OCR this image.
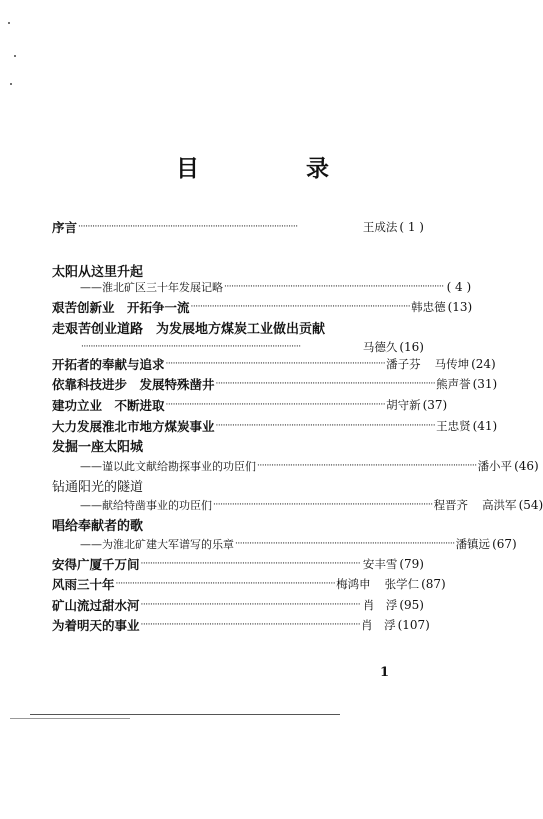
目　录
序言 ·····························································································	王成法 ( 1 )
太阳从这里升起
——淮北矿区三十年发展记略 ····························································································· ( 4 )
艰苦创新业　开拓争一流 ····························································································· 韩忠德 (13)
走艰苦创业道路　为发展地方煤炭工业做出贡献
·····························································································	马德久 (16)
开拓者的奉献与追求 ····························································································· 潘子芬 马传坤 (24)
依靠科技进步　发展特殊凿井 ····························································································· 熊声誉 (31)
建功立业　不断进取 ····························································································· 胡守新 (37)
大力发展淮北市地方煤炭事业 ····························································································· 王忠贤 (41)
发掘一座太阳城
——谨以此文献给勘探事业的功臣们 ····························································································· 潘小平 (46)
钻通阳光的隧道
——献给特凿事业的功臣们 ····························································································· 程晋齐 高洪军 (54)
唱给奉献者的歌
——为淮北矿建大军谱写的乐章 ····························································································· 潘镇远 (67)
安得广厦千万间 ····························································································· 安丰雪 (79)
风雨三十年 ····························································································· 梅鸿申 张学仁 (87)
矿山流过甜水河 ····························································································· 肖　浮 (95)
为着明天的事业 ····························································································· 肖　浮 (107)
1
